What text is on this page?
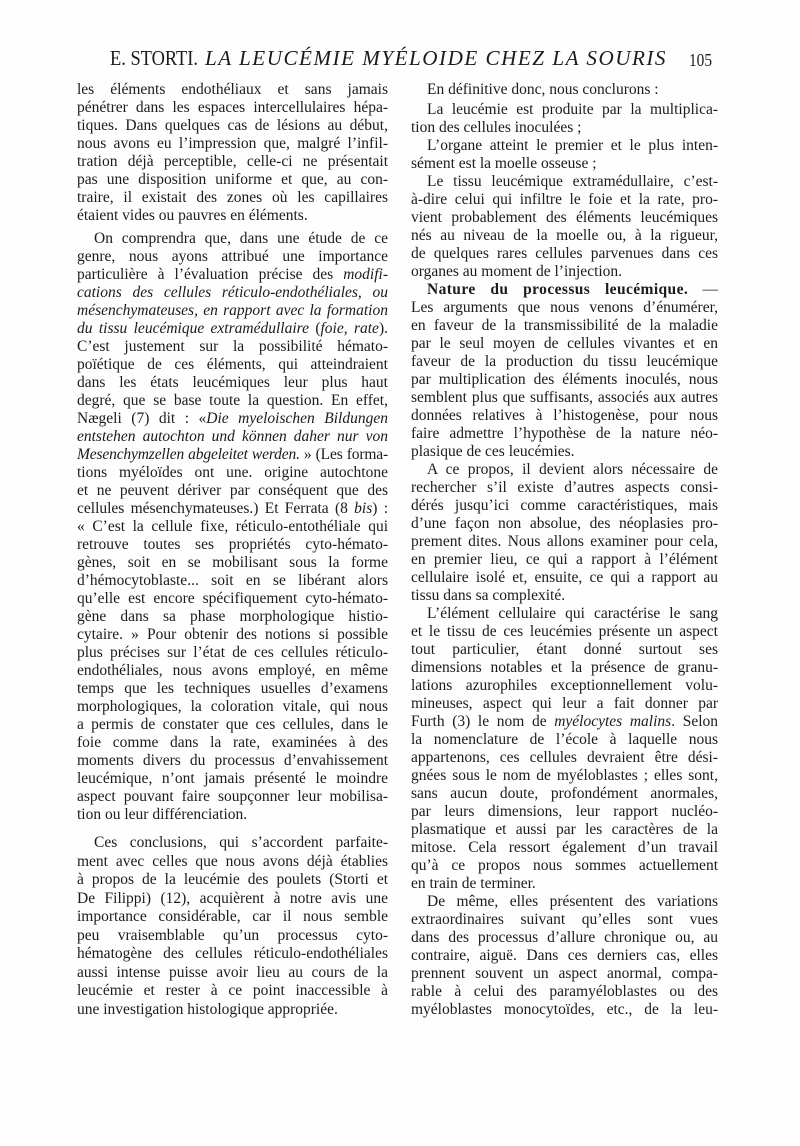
E. STORTI. LA LEUCÉMIE MYÉLOIDE CHEZ LA SOURIS 105
les éléments endothéliaux et sans jamais
pénétrer dans les espaces intercellulaires hépa-
tiques. Dans quelques cas de lésions au début,
nous avons eu l’impression que, malgré l’infil-
tration déjà perceptible, celle-ci ne présentait
pas une disposition uniforme et que, au con-
traire, il existait des zones où les capillaires
étaient vides ou pauvres en éléments.
On comprendra que, dans une étude de ce
genre, nous ayons attribué une importance
particulière à l’évaluation précise des modifi-
cations des cellules réticulo-endothéliales, ou
mésenchymateuses, en rapport avec la formation
du tissu leucémique extramédullaire (foie, rate).
C’est justement sur la possibilité hémato-
poïétique de ces éléments, qui atteindraient
dans les états leucémiques leur plus haut
degré, que se base toute la question. En effet,
Nægeli (7) dit : «Die myeloischen Bildungen
entstehen autochton und können daher nur von
Mesenchymzellen abgeleitet werden. » (Les forma-
tions myéloïdes ont une. origine autochtone
et ne peuvent dériver par conséquent que des
cellules mésenchymateuses.) Et Ferrata (8 bis) :
« C’est la cellule fixe, réticulo-entothéliale qui
retrouve toutes ses propriétés cyto-hémato-
gènes, soit en se mobilisant sous la forme
d’hémocytoblaste... soit en se libérant alors
qu’elle est encore spécifiquement cyto-hémato-
gène dans sa phase morphologique histio-
cytaire. » Pour obtenir des notions si possible
plus précises sur l’état de ces cellules réticulo-
endothéliales, nous avons employé, en même
temps que les techniques usuelles d’examens
morphologiques, la coloration vitale, qui nous
a permis de constater que ces cellules, dans le
foie comme dans la rate, examinées à des
moments divers du processus d’envahissement
leucémique, n’ont jamais présenté le moindre
aspect pouvant faire soupçonner leur mobilisa-
tion ou leur différenciation.
Ces conclusions, qui s’accordent parfaite-
ment avec celles que nous avons déjà établies
à propos de la leucémie des poulets (Storti et
De Filippi) (12), acquièrent à notre avis une
importance considérable, car il nous semble
peu vraisemblable qu’un processus cyto-
hématogène des cellules réticulo-endothéliales
aussi intense puisse avoir lieu au cours de la
leucémie et rester à ce point inaccessible à
une investigation histologique appropriée.
En définitive donc, nous conclurons :
La leucémie est produite par la multiplica-
tion des cellules inoculées ;
L’organe atteint le premier et le plus inten-
sément est la moelle osseuse ;
Le tissu leucémique extramédullaire, c’est-
à-dire celui qui infiltre le foie et la rate, pro-
vient probablement des éléments leucémiques
nés au niveau de la moelle ou, à la rigueur,
de quelques rares cellules parvenues dans ces
organes au moment de l’injection.
Nature du processus leucémique. —
Les arguments que nous venons d’énumérer,
en faveur de la transmissibilité de la maladie
par le seul moyen de cellules vivantes et en
faveur de la production du tissu leucémique
par multiplication des éléments inoculés, nous
semblent plus que suffisants, associés aux autres
données relatives à l’histogenèse, pour nous
faire admettre l’hypothèse de la nature néo-
plasique de ces leucémies.
A ce propos, il devient alors nécessaire de
rechercher s’il existe d’autres aspects consi-
dérés jusqu’ici comme caractéristiques, mais
d’une façon non absolue, des néoplasies pro-
prement dites. Nous allons examiner pour cela,
en premier lieu, ce qui a rapport à l’élément
cellulaire isolé et, ensuite, ce qui a rapport au
tissu dans sa complexité.
L’élément cellulaire qui caractérise le sang
et le tissu de ces leucémies présente un aspect
tout particulier, étant donné surtout ses
dimensions notables et la présence de granu-
lations azurophiles exceptionnellement volu-
mineuses, aspect qui leur a fait donner par
Furth (3) le nom de myélocytes malins. Selon
la nomenclature de l’école à laquelle nous
appartenons, ces cellules devraient être dési-
gnées sous le nom de myéloblastes ; elles sont,
sans aucun doute, profondément anormales,
par leurs dimensions, leur rapport nucléo-
plasmatique et aussi par les caractères de la
mitose. Cela ressort également d’un travail
qu’à ce propos nous sommes actuellement
en train de terminer.
De même, elles présentent des variations
extraordinaires suivant qu’elles sont vues
dans des processus d’allure chronique ou, au
contraire, aiguë. Dans ces derniers cas, elles
prennent souvent un aspect anormal, compa-
rable à celui des paramyéloblastes ou des
myéloblastes monocytoïdes, etc., de la leu-
